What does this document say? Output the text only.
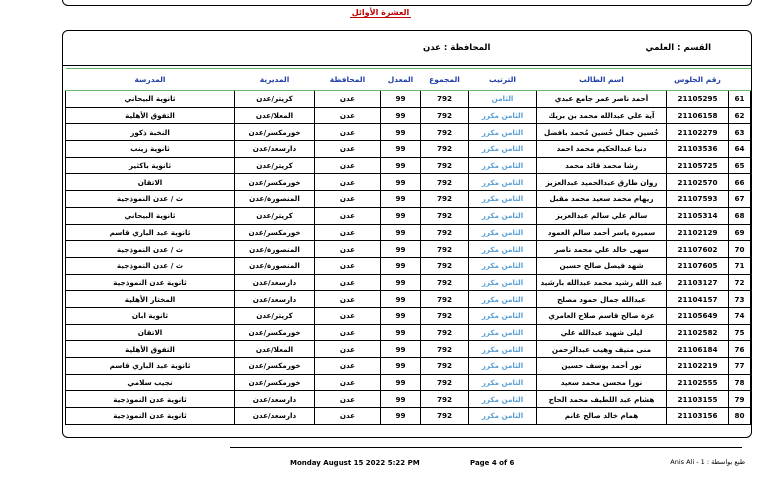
العشرة الأوائل
القسم : العلمي
المحافظة : عدن
	رقم الجلوس	اسم الطالب	الترتيب	المجموع	المعدل	المحافظة	المديرية	المدرسة
61	21105295	أحمد ناصر عمر جامع عبدي	الثامن	792	99	عدن	كريتر/عدن	ثانوية البيحاني
62	21106158	آية علي عبدالله محمد بن بريك	الثامن مكرر	792	99	عدن	المعلا/عدن	التفوق الأهلية
63	21102279	حُسين جمال حُسين مُحمد بافضل	الثامن مكرر	792	99	عدن	خورمكسر/عدن	النخبة ذكور
64	21103536	دنيا عبدالحكيم محمد احمد	الثامن مكرر	792	99	عدن	دارسعد/عدن	ثانوية زينب
65	21105725	رشا محمد قائد محمد	الثامن مكرر	792	99	عدن	كريتر/عدن	ثانوية باكثير
66	21102570	روان طارق عبدالحميد عبدالعزيز	الثامن مكرر	792	99	عدن	خورمكسر/عدن	الاتقان
67	21107593	ريهام محمد سعيد محمد مقبل	الثامن مكرر	792	99	عدن	المنصورة/عدن	ث / عدن النموذجية
68	21105314	سالم علي سالم عبدالعزيز	الثامن مكرر	792	99	عدن	كريتر/عدن	ثانوية البيحاني
69	21102129	سميرة ياسر أحمد سالم العمود	الثامن مكرر	792	99	عدن	خورمكسر/عدن	ثانوية عبد الباري قاسم
70	21107602	سهى خالد علي محمد ناصر	الثامن مكرر	792	99	عدن	المنصورة/عدن	ث / عدن النموذجية
71	21107605	شهد فيصل صالح حسين	الثامن مكرر	792	99	عدن	المنصورة/عدن	ث / عدن النموذجية
72	21103127	عبد الله رشيد محمد عبدالله بارشيد	الثامن مكرر	792	99	عدن	دارسعد/عدن	ثانوية عدن النموذجية
73	21104157	عبدالله جمال حمود مصلح	الثامن مكرر	792	99	عدن	دارسعد/عدن	المختار الأهلية
74	21105649	عزة صالح قاسم صلاح العامري	الثامن مكرر	792	99	عدن	كريتر/عدن	ثانوية ابان
75	21102582	ليلى شهيد عبدالله علي	الثامن مكرر	792	99	عدن	خورمكسر/عدن	الاتقان
76	21106184	منى منيف وهيب عبدالرحمن	الثامن مكرر	792	99	عدن	المعلا/عدن	التفوق الأهلية
77	21102219	نور أحمد يوسف حسين	الثامن مكرر	792	99	عدن	خورمكسر/عدن	ثانوية عبد الباري قاسم
78	21102555	نورا محسن محمد سعيد	الثامن مكرر	792	99	عدن	خورمكسر/عدن	نجيب سلامي
79	21103155	هشام عبد اللطيف محمد الحاج	الثامن مكرر	792	99	عدن	دارسعد/عدن	ثانوية عدن النموذجية
80	21103156	همام خالد صالح غانم	الثامن مكرر	792	99	عدن	دارسعد/عدن	ثانوية عدن النموذجية
Monday August 15 2022 5:22 PM	Page 4 of 6	طبع بواسطة : 1 - Anis Ali
